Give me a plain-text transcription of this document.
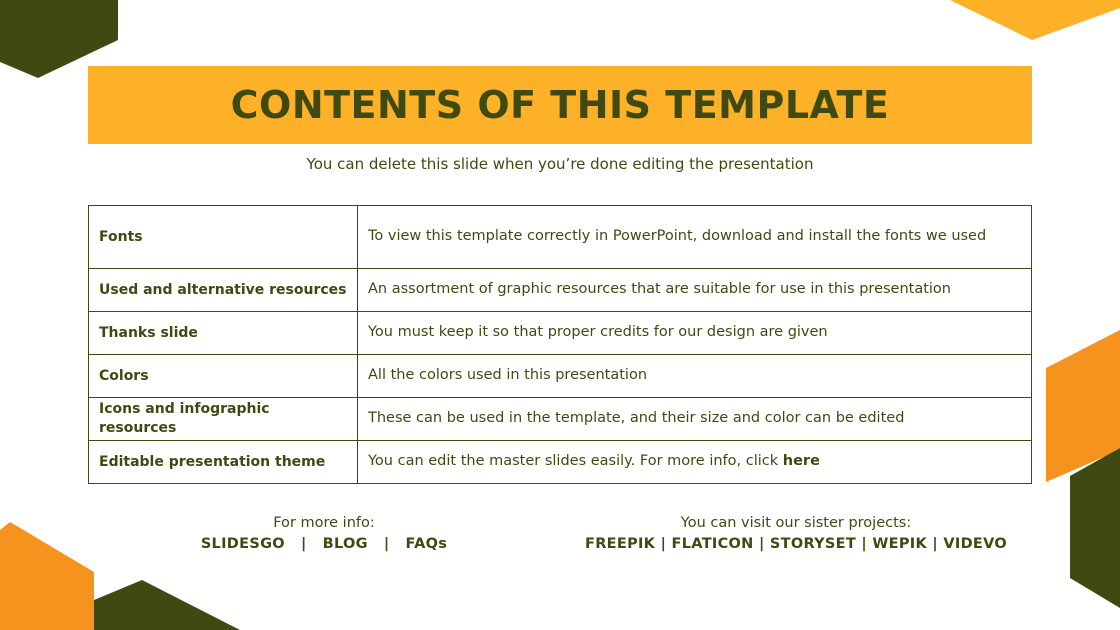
CONTENTS OF THIS TEMPLATE

You can delete this slide when you’re done editing the presentation

Fonts	To view this template correctly in PowerPoint, download and install the fonts we used
Used and alternative resources	An assortment of graphic resources that are suitable for use in this presentation
Thanks slide	You must keep it so that proper credits for our design are given
Colors	All the colors used in this presentation
Icons and infographic resources	These can be used in the template, and their size and color can be edited
Editable presentation theme	You can edit the master slides easily. For more info, click here
For more info:
SLIDESGO   |   BLOG   |   FAQs
You can visit our sister projects:
FREEPIK | FLATICON | STORYSET | WEPIK | VIDEVO
